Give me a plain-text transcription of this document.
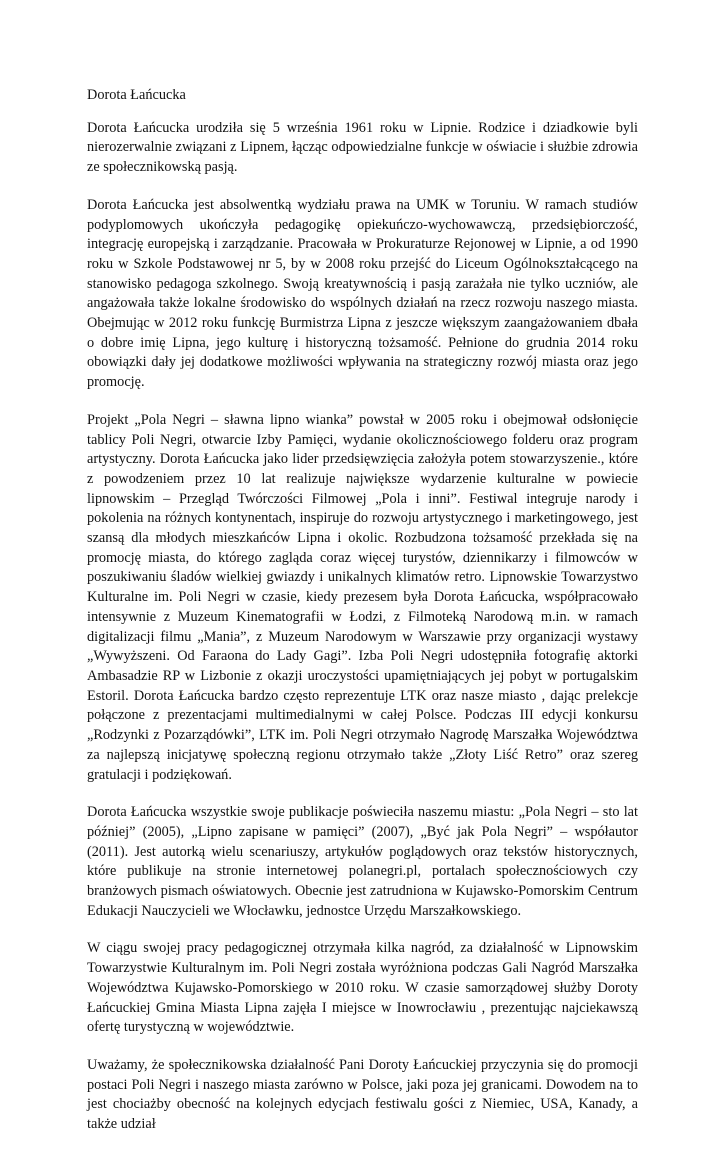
Dorota Łańcucka

Dorota Łańcucka urodziła się 5 września 1961 roku w Lipnie. Rodzice i dziadkowie byli nierozerwalnie związani z Lipnem, łącząc odpowiedzialne funkcje w oświacie i służbie zdrowia ze społecznikowską pasją.

Dorota Łańcucka jest absolwentką wydziału prawa na UMK w Toruniu. W ramach studiów podyplomowych ukończyła pedagogikę opiekuńczo-wychowawczą, przedsiębiorczość, integrację europejską i zarządzanie. Pracowała w Prokuraturze Rejonowej w Lipnie, a od 1990 roku w Szkole Podstawowej nr 5, by w 2008 roku przejść do Liceum Ogólnokształcącego na stanowisko pedagoga szkolnego. Swoją kreatywnością i pasją zarażała nie tylko uczniów, ale angażowała także lokalne środowisko do wspólnych działań na rzecz rozwoju naszego miasta. Obejmując w 2012 roku funkcję Burmistrza Lipna z jeszcze większym zaangażowaniem dbała o dobre imię Lipna, jego kulturę i historyczną tożsamość. Pełnione do grudnia 2014 roku obowiązki dały jej dodatkowe możliwości wpływania na strategiczny rozwój miasta oraz jego promocję.

Projekt „Pola Negri – sławna lipno wianka” powstał w 2005 roku i obejmował odsłonięcie tablicy Poli Negri, otwarcie Izby Pamięci, wydanie okolicznościowego folderu oraz program artystyczny. Dorota Łańcucka jako lider przedsięwzięcia założyła potem stowarzyszenie., które z powodzeniem przez 10 lat realizuje największe wydarzenie kulturalne w powiecie lipnowskim – Przegląd Twórczości Filmowej „Pola i inni”. Festiwal integruje narody i pokolenia na różnych kontynentach, inspiruje do rozwoju artystycznego i marketingowego, jest szansą dla młodych mieszkańców Lipna i okolic. Rozbudzona tożsamość przekłada się na promocję miasta, do którego zagląda coraz więcej turystów, dziennikarzy i filmowców w poszukiwaniu śladów wielkiej gwiazdy i unikalnych klimatów retro. Lipnowskie Towarzystwo Kulturalne im. Poli Negri w czasie, kiedy prezesem była Dorota Łańcucka, współpracowało intensywnie z Muzeum Kinematografii w Łodzi, z Filmoteką Narodową m.in. w ramach digitalizacji filmu „Mania”, z Muzeum Narodowym w Warszawie przy organizacji wystawy „Wywyższeni. Od Faraona do Lady Gagi”. Izba Poli Negri udostępniła fotografię aktorki Ambasadzie RP w Lizbonie z okazji uroczystości upamiętniających jej pobyt w portugalskim Estoril. Dorota Łańcucka bardzo często reprezentuje LTK oraz nasze miasto , dając prelekcje połączone z prezentacjami multimedialnymi w całej Polsce. Podczas III edycji konkursu „Rodzynki z Pozarządówki”, LTK im. Poli Negri otrzymało Nagrodę Marszałka Województwa za najlepszą inicjatywę społeczną regionu otrzymało także „Złoty Liść Retro” oraz szereg gratulacji i podziękowań.

Dorota Łańcucka wszystkie swoje publikacje poświeciła naszemu miastu: „Pola Negri – sto lat później” (2005), „Lipno zapisane w pamięci” (2007), „Być jak Pola Negri” – współautor (2011). Jest autorką wielu scenariuszy, artykułów poglądowych oraz tekstów historycznych, które publikuje na stronie internetowej polanegri.pl, portalach społecznościowych czy branżowych pismach oświatowych. Obecnie jest zatrudniona w Kujawsko-Pomorskim Centrum Edukacji Nauczycieli we Włocławku, jednostce Urzędu Marszałkowskiego.

W ciągu swojej pracy pedagogicznej otrzymała kilka nagród, za działalność w Lipnowskim Towarzystwie Kulturalnym im. Poli Negri została wyróżniona podczas Gali Nagród Marszałka Województwa Kujawsko-Pomorskiego w 2010 roku. W czasie samorządowej służby Doroty Łańcuckiej Gmina Miasta Lipna zajęła I miejsce w Inowrocławiu , prezentując najciekawszą ofertę turystyczną w województwie.

Uważamy, że społecznikowska działalność Pani Doroty Łańcuckiej przyczynia się do promocji postaci Poli Negri i naszego miasta zarówno w Polsce, jaki poza jej granicami. Dowodem na to jest chociażby obecność na kolejnych edycjach festiwalu gości z Niemiec, USA, Kanady, a także udział
